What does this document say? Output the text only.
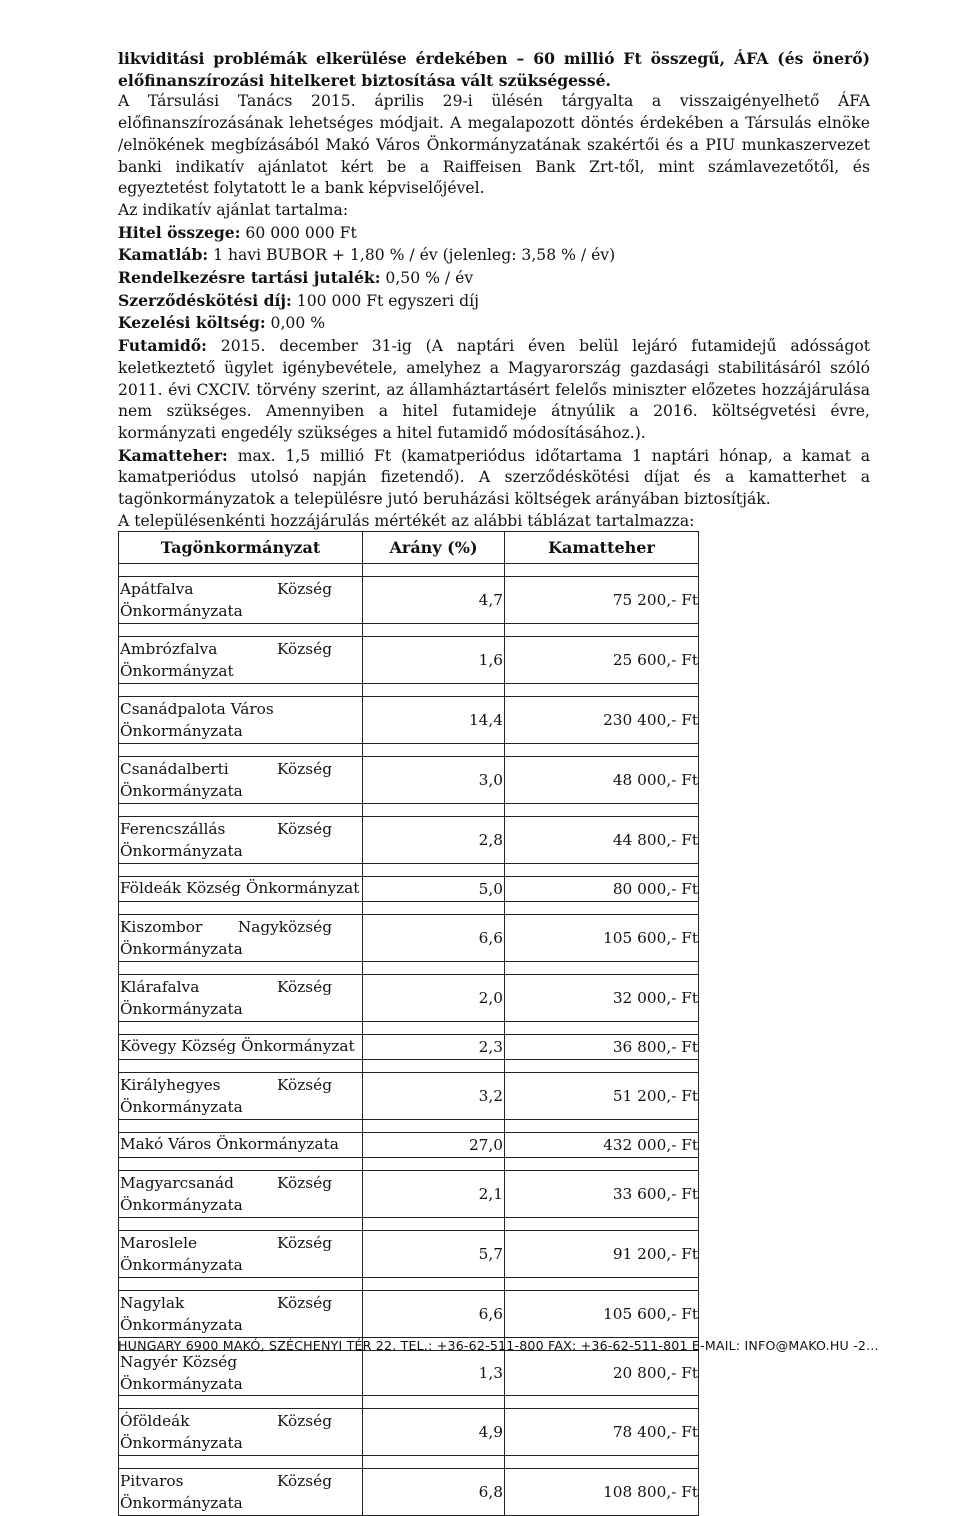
likviditási problémák elkerülése érdekében – 60 millió Ft összegű, ÁFA (és önerő) előfinanszírozási hitelkeret biztosítása vált szükségessé.

A Társulási Tanács 2015. április 29-i ülésén tárgyalta a visszaigényelhető ÁFA előfinanszírozásának lehetséges módjait. A megalapozott döntés érdekében a Társulás elnöke /elnökének megbízásából Makó Város Önkormányzatának szakértői és a PIU munkaszervezet banki indikatív ajánlatot kért be a Raiffeisen Bank Zrt-től, mint számlavezetőtől, és egyeztetést folytatott le a bank képviselőjével.

Az indikatív ajánlat tartalma:

Hitel összege: 60 000 000 Ft

Kamatláb: 1 havi BUBOR + 1,80 % / év (jelenleg: 3,58 % / év)

Rendelkezésre tartási jutalék: 0,50 % / év

Szerződéskötési díj: 100 000 Ft egyszeri díj

Kezelési költség: 0,00 %

Futamidő: 2015. december 31-ig (A naptári éven belül lejáró futamidejű adósságot keletkeztető ügylet igénybevétele, amelyhez a Magyarország gazdasági stabilitásáról szóló 2011. évi CXCIV. törvény szerint, az államháztartásért felelős miniszter előzetes hozzájárulása nem szükséges. Amennyiben a hitel futamideje átnyúlik a 2016. költségvetési évre, kormányzati engedély szükséges a hitel futamidő módosításához.).

Kamatteher: max. 1,5 millió Ft (kamatperiódus időtartama 1 naptári hónap, a kamat a kamatperiódus utolsó napján fizetendő). A szerződéskötési díjat és a kamatterhet a tagönkormányzatok a településre jutó beruházási költségek arányában biztosítják.

A településenkénti hozzájárulás mértékét az alábbi táblázat tartalmazza:

Tagönkormányzat	Arány (%)	Kamatteher

Apátfalva Község
Önkormányzata	4,7	75 200,- Ft

Ambrózfalva Község
Önkormányzat	1,6	25 600,- Ft

Csanádpalota Város
Önkormányzata	14,4	230 400,- Ft

Csanádalberti Község
Önkormányzata	3,0	48 000,- Ft

Ferencszállás Község
Önkormányzata	2,8	44 800,- Ft

Földeák Község Önkormányzat	5,0	80 000,- Ft

Kiszombor Nagyközség
Önkormányzata	6,6	105 600,- Ft

Klárafalva Község
Önkormányzata	2,0	32 000,- Ft

Kövegy Község Önkormányzat	2,3	36 800,- Ft

Királyhegyes Község
Önkormányzata	3,2	51 200,- Ft

Makó Város Önkormányzata	27,0	432 000,- Ft

Magyarcsanád Község
Önkormányzata	2,1	33 600,- Ft

Maroslele Község
Önkormányzata	5,7	91 200,- Ft

Nagylak Község
Önkormányzata	6,6	105 600,- Ft

Nagyér Község Önkormányzata	1,3	20 800,- Ft

Óföldeák Község
Önkormányzata	4,9	78 400,- Ft

Pitvaros Község
Önkormányzata	6,8	108 800,- Ft
HUNGARY 6900 MAKÓ, SZÉCHENYI TÉR 22. TEL.: +36-62-511-800 FAX: +36-62-511-801 E-MAIL: INFO@MAKO.HU -2...
